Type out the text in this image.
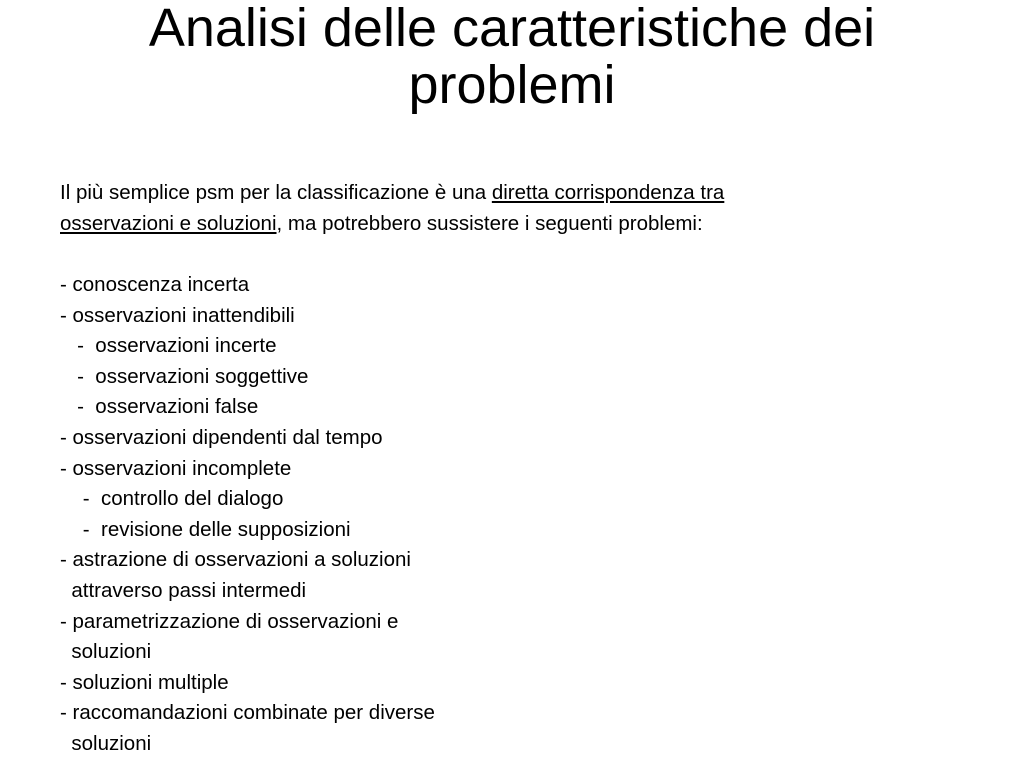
Analisi delle caratteristiche dei
problemi

Il più semplice psm per la classificazione è una diretta corrispondenza tra
osservazioni e soluzioni, ma potrebbero sussistere i seguenti problemi:

- conoscenza incerta
- osservazioni inattendibili
-  osservazioni incerte
-  osservazioni soggettive
-  osservazioni false
- osservazioni dipendenti dal tempo
- osservazioni incomplete
-  controllo del dialogo
-  revisione delle supposizioni
- astrazione di osservazioni a soluzioni
attraverso passi intermedi
- parametrizzazione di osservazioni e
soluzioni
- soluzioni multiple
- raccomandazioni combinate per diverse
soluzioni
